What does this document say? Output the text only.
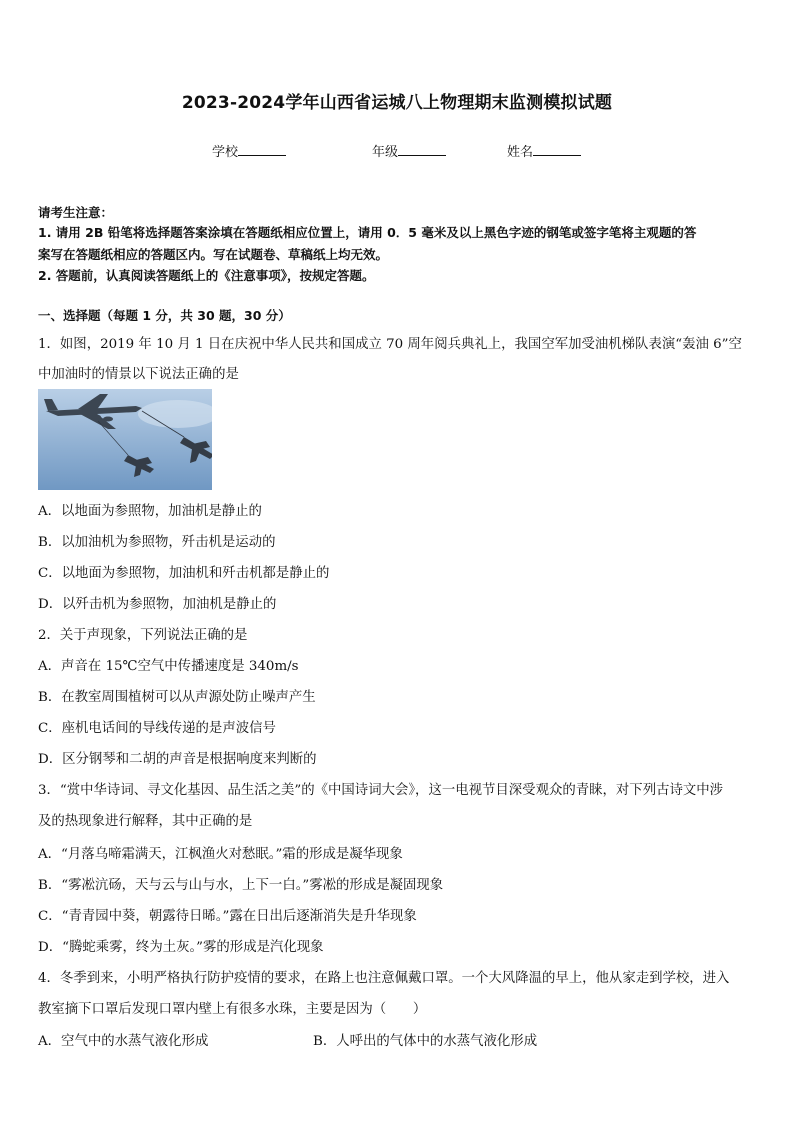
2023-2024学年山西省运城八上物理期末监测模拟试题
学校	年级	姓名
请考生注意：
1. 请用 2B 铅笔将选择题答案涂填在答题纸相应位置上，请用 0．5 毫米及以上黑色字迹的钢笔或签字笔将主观题的答
案写在答题纸相应的答题区内。写在试题卷、草稿纸上均无效。
2. 答题前，认真阅读答题纸上的《注意事项》，按规定答题。
一、选择题（每题 1 分，共 30 题，30 分）
1．如图，2019 年 10 月 1 日在庆祝中华人民共和国成立 70 周年阅兵典礼上，我国空军加受油机梯队表演“轰油 6”空
中加油时的情景以下说法正确的是
A．以地面为参照物，加油机是静止的
B．以加油机为参照物，歼击机是运动的
C．以地面为参照物，加油机和歼击机都是静止的
D．以歼击机为参照物，加油机是静止的
2．关于声现象，下列说法正确的是
A．声音在 15℃空气中传播速度是 340m/s
B．在教室周围植树可以从声源处防止噪声产生
C．座机电话间的导线传递的是声波信号
D．区分钢琴和二胡的声音是根据响度来判断的
3．“赏中华诗词、寻文化基因、品生活之美”的《中国诗词大会》，这一电视节目深受观众的青睐，对下列古诗文中涉
及的热现象进行解释，其中正确的是
A．“月落乌啼霜满天，江枫渔火对愁眠。”霜的形成是凝华现象
B．“雾凇沆砀，天与云与山与水，上下一白。”雾凇的形成是凝固现象
C．“青青园中葵，朝露待日晞。”露在日出后逐渐消失是升华现象
D．“腾蛇乘雾，终为土灰。”雾的形成是汽化现象
4．冬季到来，小明严格执行防护疫情的要求，在路上也注意佩戴口罩。一个大风降温的早上，他从家走到学校，进入
教室摘下口罩后发现口罩内壁上有很多水珠，主要是因为（　　）
A．空气中的水蒸气液化形成	B．人呼出的气体中的水蒸气液化形成
